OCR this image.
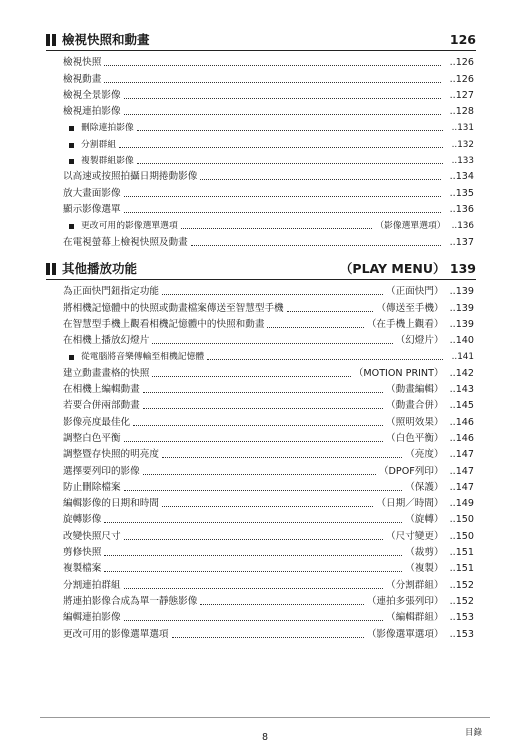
檢視快照和動畫	126
檢視快照	.. 126
檢視動畫	.. 126
檢視全景影像	.. 127
檢視連拍影像	.. 128
刪除連拍影像	.. 131
分割群組	.. 132
複製群組影像	.. 133
以高速或按照拍攝日期捲動影像	.. 134
放大畫面影像	.. 135
顯示影像選單	.. 136
更改可用的影像選單選項	（影像選單選項）	.. 136
在電視螢幕上檢視快照及動畫	.. 137
其他播放功能	（PLAY MENU） 139
為正面快門鈕指定功能	（正面快門）	.. 139
將相機記憶體中的快照或動畫檔案傳送至智慧型手機	（傳送至手機）	.. 139
在智慧型手機上觀看相機記憶體中的快照和動畫	（在手機上觀看）	.. 139
在相機上播放幻燈片	（幻燈片）	.. 140
從電腦將音樂傳輸至相機記憶體	.. 141
建立動畫畫格的快照	（MOTION PRINT）	.. 142
在相機上編輯動畫	（動畫編輯）	.. 143
若要合併兩部動畫	（動畫合併）	.. 145
影像亮度最佳化	（照明效果）	.. 146
調整白色平衡	（白色平衡）	.. 146
調整暨存快照的明亮度	（亮度）	.. 147
選擇要列印的影像	（DPOF列印）	.. 147
防止刪除檔案	（保護）	.. 147
編輯影像的日期和時間	（日期／時間）	.. 149
旋轉影像	（旋轉）	.. 150
改變快照尺寸	（尺寸變更）	.. 150
剪修快照	（裁剪）	.. 151
複製檔案	（複製）	.. 151
分割連拍群組	（分割群組）	.. 152
將連拍影像合成為單一靜態影像	（連拍多張列印）	.. 152
編輯連拍影像	（編輯群組）	.. 153
更改可用的影像選單選項	（影像選單選項）	.. 153
8	目錄
